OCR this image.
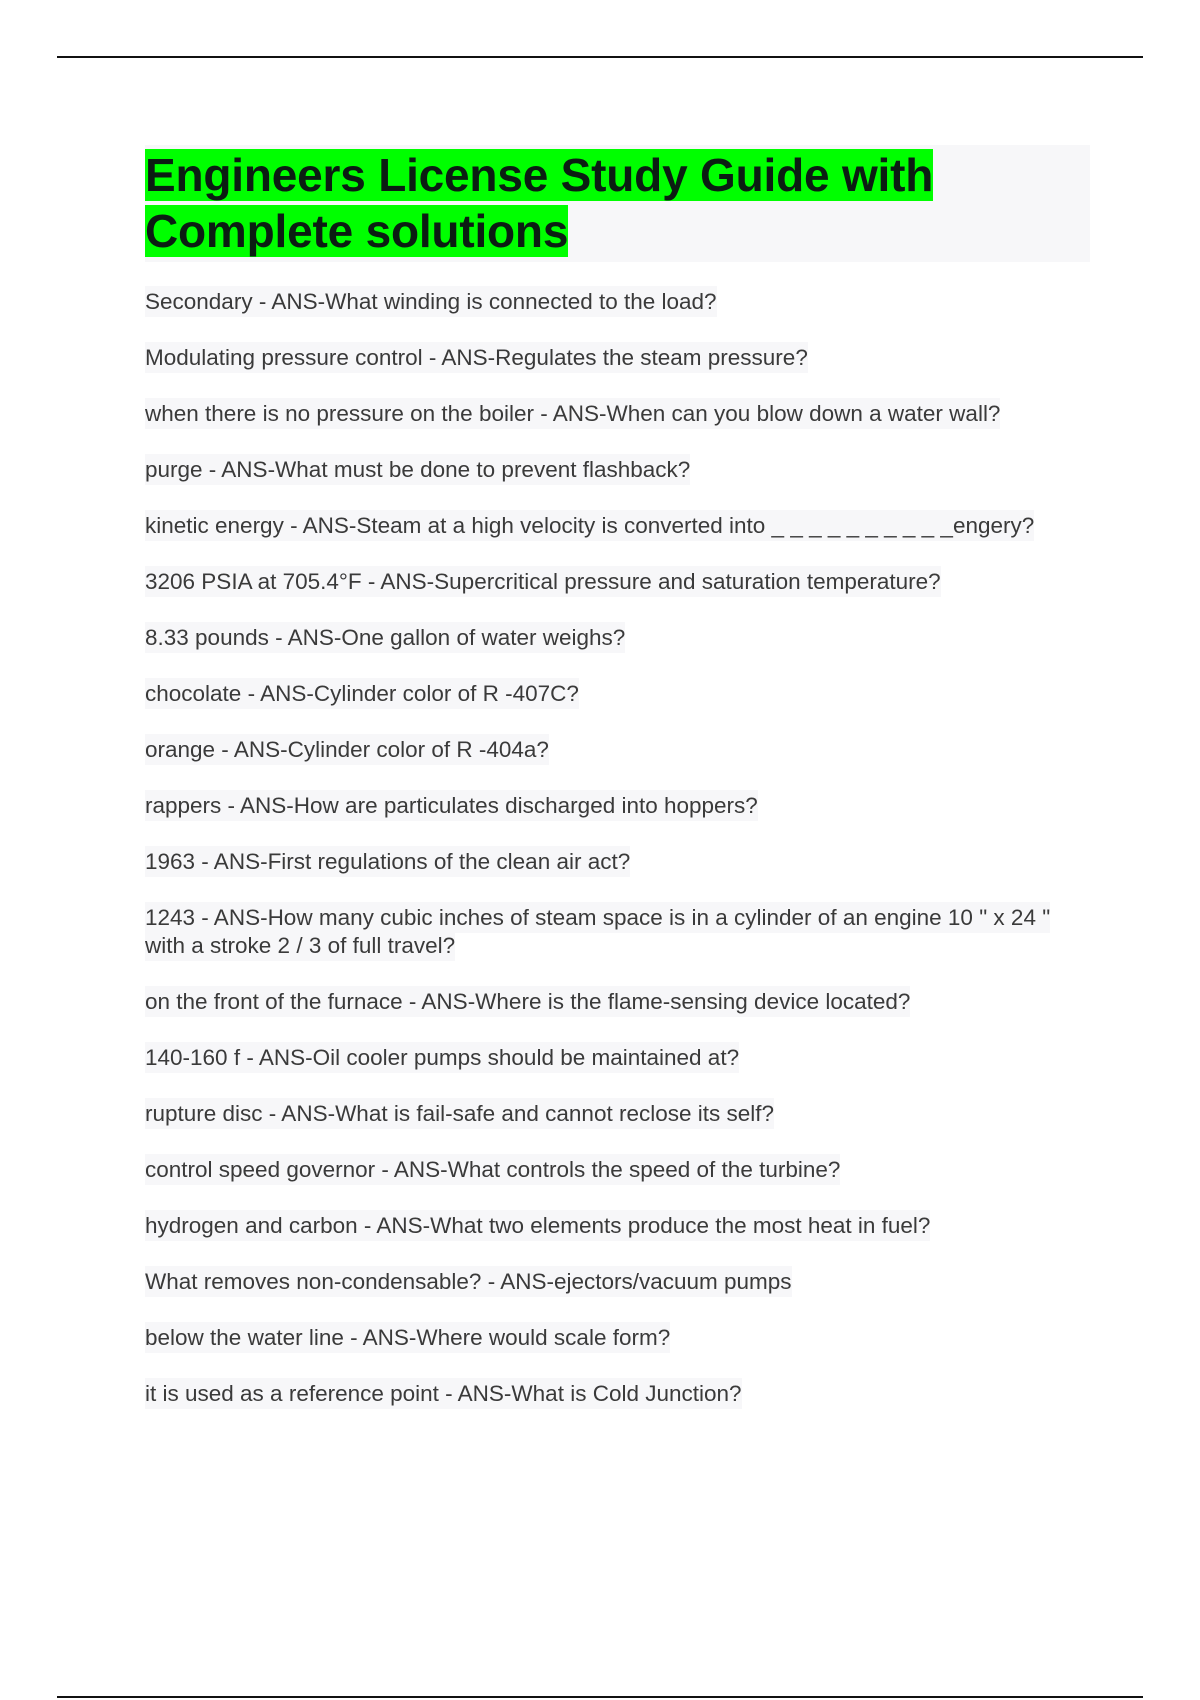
Engineers License Study Guide with Complete solutions
Secondary - ANS-What winding is connected to the load?
Modulating pressure control - ANS-Regulates the steam pressure?
when there is no pressure on the boiler - ANS-When can you blow down a water wall?
purge - ANS-What must be done to prevent flashback?
kinetic energy - ANS-Steam at a high velocity is converted into _ _ _ _ _ _ _ _ _ _engery?
3206 PSIA at 705.4°F - ANS-Supercritical pressure and saturation temperature?
8.33 pounds - ANS-One gallon of water weighs?
chocolate - ANS-Cylinder color of R -407C?
orange - ANS-Cylinder color of R -404a?
rappers - ANS-How are particulates discharged into hoppers?
1963 - ANS-First regulations of the clean air act?
1243 - ANS-How many cubic inches of steam space is in a cylinder of an engine 10 " x 24 " with a stroke 2 / 3 of full travel?
on the front of the furnace - ANS-Where is the flame-sensing device located?
140-160 f - ANS-Oil cooler pumps should be maintained at?
rupture disc - ANS-What is fail-safe and cannot reclose its self?
control speed governor - ANS-What controls the speed of the turbine?
hydrogen and carbon - ANS-What two elements produce the most heat in fuel?
What removes non-condensable? - ANS-ejectors/vacuum pumps
below the water line - ANS-Where would scale form?
it is used as a reference point - ANS-What is Cold Junction?
